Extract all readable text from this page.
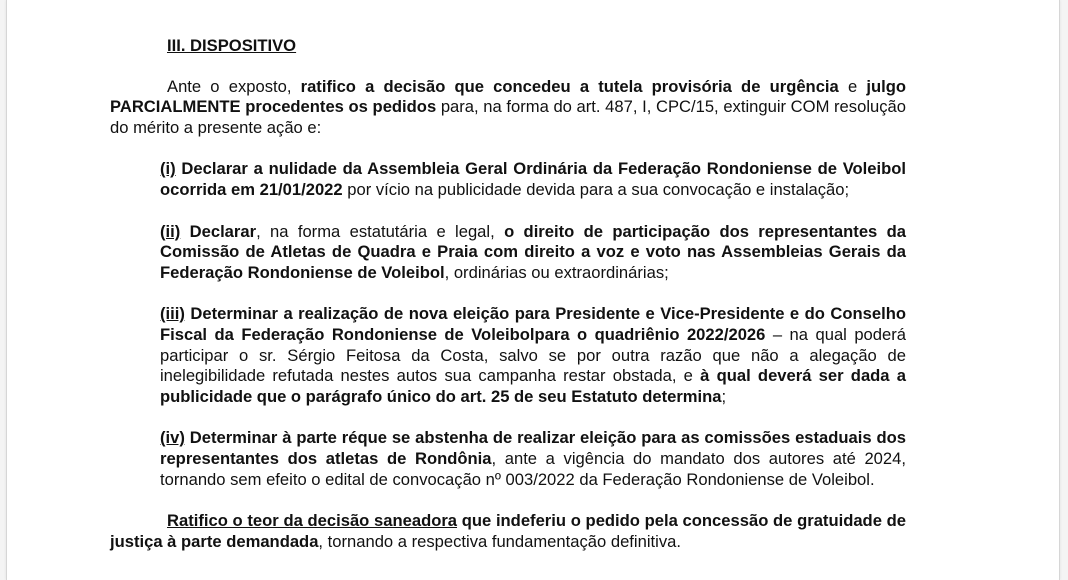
III. DISPOSITIVO

Ante o exposto, ratifico a decisão que concedeu a tutela provisória de urgência e julgo PARCIALMENTE procedentes os pedidos para, na forma do art. 487, I, CPC/15, extinguir COM resolução do mérito a presente ação e:

(i) Declarar a nulidade da Assembleia Geral Ordinária da Federação Rondoniense de Voleibol ocorrida em 21/01/2022 por vício na publicidade devida para a sua convocação e instalação;

(ii) Declarar, na forma estatutária e legal, o direito de participação dos representantes da Comissão de Atletas de Quadra e Praia com direito a voz e voto nas Assembleias Gerais da Federação Rondoniense de Voleibol, ordinárias ou extraordinárias;

(iii) Determinar a realização de nova eleição para Presidente e Vice-Presidente e do Conselho Fiscal da Federação Rondoniense de Voleibolpara o quadriênio 2022/2026 – na qual poderá participar o sr. Sérgio Feitosa da Costa, salvo se por outra razão que não a alegação de inelegibilidade refutada nestes autos sua campanha restar obstada, e à qual deverá ser dada a publicidade que o parágrafo único do art. 25 de seu Estatuto determina;

(iv) Determinar à parte réque se abstenha de realizar eleição para as comissões estaduais dos representantes dos atletas de Rondônia, ante a vigência do mandato dos autores até 2024, tornando sem efeito o edital de convocação nº 003/2022 da Federação Rondoniense de Voleibol.

Ratifico o teor da decisão saneadora que indeferiu o pedido pela concessão de gratuidade de justiça à parte demandada, tornando a respectiva fundamentação definitiva.
